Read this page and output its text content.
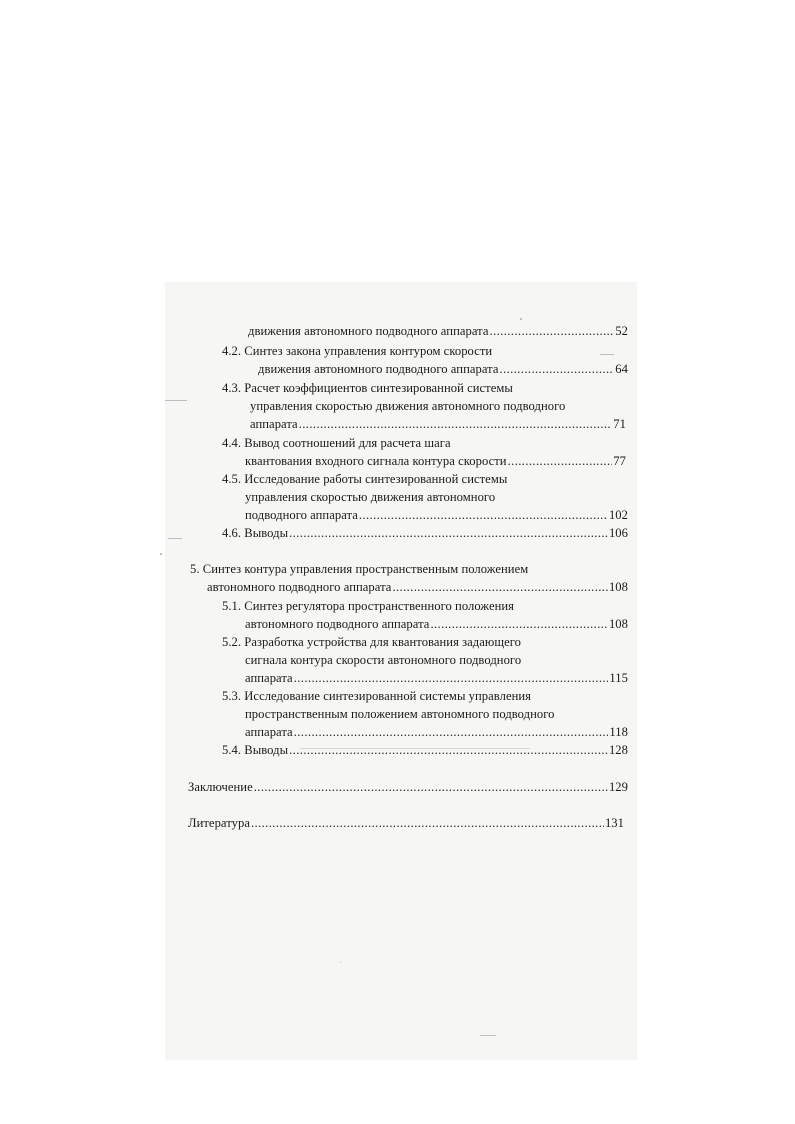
движения автономного подводного аппарата .....	52
4.2. Синтез закона управления контуром скорости
движения автономного подводного аппарата .....	64
4.3. Расчет коэффициентов синтезированной системы
управления скоростью движения автономного подводного
аппарата .....	71
4.4. Вывод соотношений для расчета шага
квантования входного сигнала контура скорости .....	77
4.5. Исследование работы синтезированной системы
управления скоростью движения автономного
подводного аппарата .....	102
4.6. Выводы .....	106
5. Синтез контура управления пространственным положением
автономного подводного аппарата .....	108
5.1. Синтез регулятора пространственного положения
автономного подводного аппарата .....	108
5.2. Разработка устройства для квантования задающего
сигнала контура скорости автономного подводного
аппарата .....	115
5.3. Исследование синтезированной системы управления
пространственным положением автономного подводного
аппарата .....	118
5.4. Выводы .....	128
Заключение .....	129
Литература .....	131
